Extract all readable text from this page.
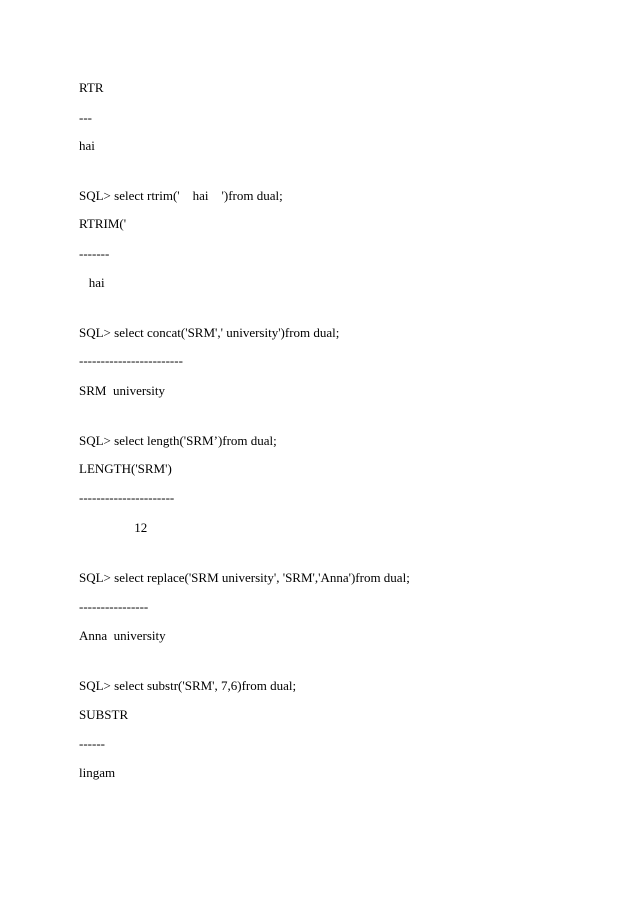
RTR
---
hai
SQL> select rtrim('    hai    ')from dual;
RTRIM('
-------
hai
SQL> select concat('SRM',' university')from dual;
------------------------
SRM  university
SQL> select length('SRM’)from dual;
LENGTH('SRM')
----------------------
12
SQL> select replace('SRM university', 'SRM','Anna')from dual;
----------------
Anna  university
SQL> select substr('SRM', 7,6)from dual;
SUBSTR
------
lingam
